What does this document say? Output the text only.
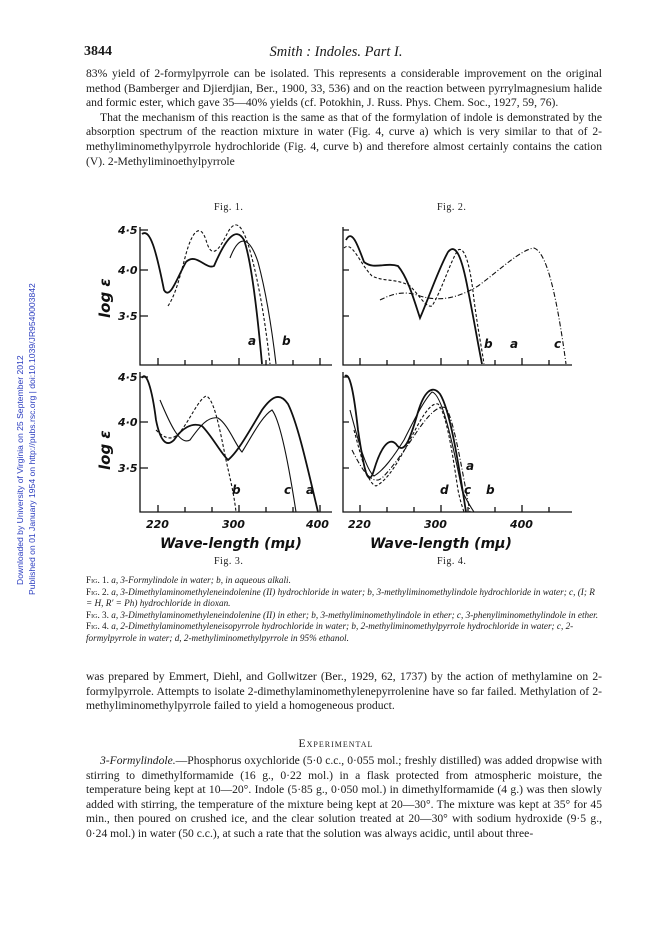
3844	Smith : Indoles. Part I.
Downloaded by University of Virginia on 25 September 2012 Published on 01 January 1954 on http://pubs.rsc.org | doi:10.1039/JR9540003842

83% yield of 2-formylpyrrole can be isolated. This represents a considerable improvement on the original method (Bamberger and Djierdjian, Ber., 1900, 33, 536) and on the reaction between pyrrylmagnesium halide and formic ester, which gave 35—40% yields (cf. Potokhin, J. Russ. Phys. Chem. Soc., 1927, 59, 76).

That the mechanism of this reaction is the same as that of the formylation of indole is demonstrated by the absorption spectrum of the reaction mixture in water (Fig. 4, curve a) which is very similar to that of 2-methyliminomethylpyrrole hydrochloride (Fig. 4, curve b) and therefore almost certainly contains the cation (V). 2-Methyliminoethylpyrrole

Fig. 1.	Fig. 2.
4·5
4·0
3·5
4·5
4·0
3·5
log ε
log ε
a b	b a	c
b	c a
a
d c b
220	300	400 220	300	400
Wave-length (mμ)	Wave-length (mμ)
Fig. 3.	Fig. 4.

Fig. 1. a, 3-Formylindole in water; b, in aqueous alkali.

Fig. 2. a, 3-Dimethylaminomethyleneindolenine (II) hydrochloride in water; b, 3-methyliminomethylindole hydrochloride in water; c, (I; R = H, R′ = Ph) hydrochloride in dioxan.

Fig. 3. a, 3-Dimethylaminomethyleneindolenine (II) in ether; b, 3-methyliminomethylindole in ether; c, 3-phenyliminomethylindole in ether.

Fig. 4. a, 2-Dimethylaminomethyleneisopyrrole hydrochloride in water; b, 2-methyliminomethylpyrrole hydrochloride in water; c, 2-formylpyrrole in water; d, 2-methyliminomethylpyrrole in 95% ethanol.

was prepared by Emmert, Diehl, and Gollwitzer (Ber., 1929, 62, 1737) by the action of methylamine on 2-formylpyrrole. Attempts to isolate 2-dimethylaminomethylenepyrrolenine have so far failed. Methylation of 2-methyliminomethylpyrrole failed to yield a homogeneous product.

Experimental

3-Formylindole.—Phosphorus oxychloride (5·0 c.c., 0·055 mol.; freshly distilled) was added dropwise with stirring to dimethylformamide (16 g., 0·22 mol.) in a flask protected from atmospheric moisture, the temperature being kept at 10—20°. Indole (5·85 g., 0·050 mol.) in dimethylformamide (4 g.) was then slowly added with stirring, the temperature of the mixture being kept at 20—30°. The mixture was kept at 35° for 45 min., then poured on crushed ice, and the clear solution treated at 20—30° with sodium hydroxide (9·5 g., 0·24 mol.) in water (50 c.c.), at such a rate that the solution was always acidic, until about three-
